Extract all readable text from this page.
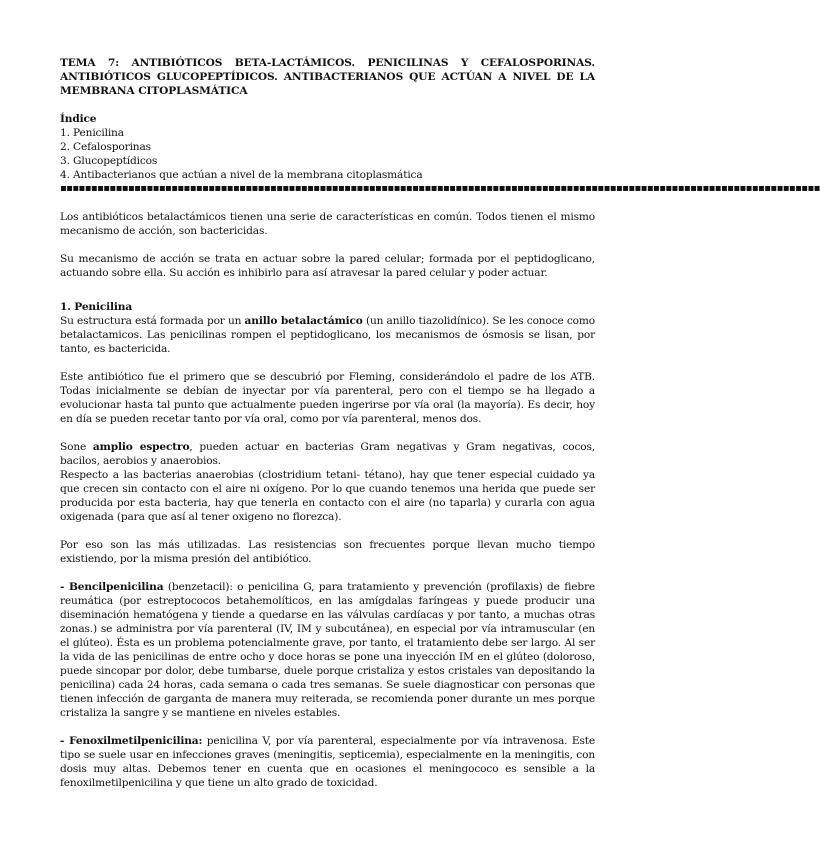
TEMA 7: ANTIBIÓTICOS BETA-LACTÁMICOS. PENICILINAS Y CEFALOSPORINAS. ANTIBIÓTICOS GLUCOPEPTÍDICOS. ANTIBACTERIANOS QUE ACTÚAN A NIVEL DE LA MEMBRANA CITOPLASMÁTICA
Índice
1. Penicilina
2. Cefalosporinas
3. Glucopeptídicos
4. Antibacterianos que actúan a nivel de la membrana citoplasmática
▪▪▪▪▪▪▪▪▪▪▪▪▪▪▪▪▪▪▪▪▪▪▪▪▪▪▪▪▪▪▪▪▪▪▪▪▪▪▪▪▪▪▪▪▪▪▪▪▪▪▪▪▪▪▪▪▪▪▪▪▪▪▪▪▪▪▪▪▪▪▪▪▪▪▪▪▪▪▪▪▪▪▪▪▪▪▪▪▪▪▪▪▪▪▪▪▪▪▪▪▪▪▪▪▪▪▪▪▪▪▪▪▪▪▪▪▪▪▪▪▪▪▪

Los antibióticos betalactámicos tienen una serie de características en común. Todos tienen el mismo mecanismo de acción, son bactericidas.

Su mecanismo de acción se trata en actuar sobre la pared celular; formada por el peptidoglicano, actuando sobre ella. Su acción es inhibirlo para así atravesar la pared celular y poder actuar.

1. Penicilina

Su estructura está formada por un anillo betalactámico (un anillo tiazolidínico). Se les conoce como betalactamicos. Las penicilinas rompen el peptidoglicano, los mecanismos de ósmosis se lisan, por tanto, es bactericida.

Este antibiótico fue el primero que se descubrió por Fleming, considerándolo el padre de los ATB. Todas inicialmente se debían de inyectar por vía parenteral, pero con el tiempo se ha llegado a evolucionar hasta tal punto que actualmente pueden ingerirse por vía oral (la mayoría). Es decir, hoy en día se pueden recetar tanto por vía oral, como por vía parenteral, menos dos.

Sone amplio espectro, pueden actuar en bacterias Gram negativas y Gram negativas, cocos, bacilos, aerobios y anaerobios.

Respecto a las bacterias anaerobias (clostridium tetani- tétano), hay que tener especial cuidado ya que crecen sin contacto con el aire ni oxígeno. Por lo que cuando tenemos una herida que puede ser producida por esta bacteria, hay que tenerla en contacto con el aire (no taparla) y curarla con agua oxigenada (para que así al tener oxigeno no florezca).

Por eso son las más utilizadas. Las resistencias son frecuentes porque llevan mucho tiempo existiendo, por la misma presión del antibiótico.

- Bencilpenicilina (benzetacil): o penicilina G, para tratamiento y prevención (profilaxis) de fiebre reumática (por estreptococos betahemolíticos, en las amígdalas faríngeas y puede producir una diseminación hematógena y tiende a quedarse en las válvulas cardíacas y por tanto, a muchas otras zonas.) se administra por vía parenteral (IV, IM y subcutánea), en especial por vía intramuscular (en el glúteo). Ésta es un problema potencialmente grave, por tanto, el tratamiento debe ser largo. Al ser la vida de las penicilinas de entre ocho y doce horas se pone una inyección IM en el glúteo (doloroso, puede sincopar por dolor, debe tumbarse, duele porque cristaliza y estos cristales van depositando la penicilina) cada 24 horas, cada semana o cada tres semanas. Se suele diagnosticar con personas que tienen infección de garganta de manera muy reiterada, se recomienda poner durante un mes porque cristaliza la sangre y se mantiene en niveles estables.

- Fenoxilmetilpenicilina: penicilina V, por vía parenteral, especialmente por vía intravenosa. Este tipo se suele usar en infecciones graves (meningitis, septicemia), especialmente en la meningitis, con dosis muy altas. Debemos tener en cuenta que en ocasiones el meningococo es sensible a la fenoxilmetilpenicilina y que tiene un alto grado de toxicidad.
